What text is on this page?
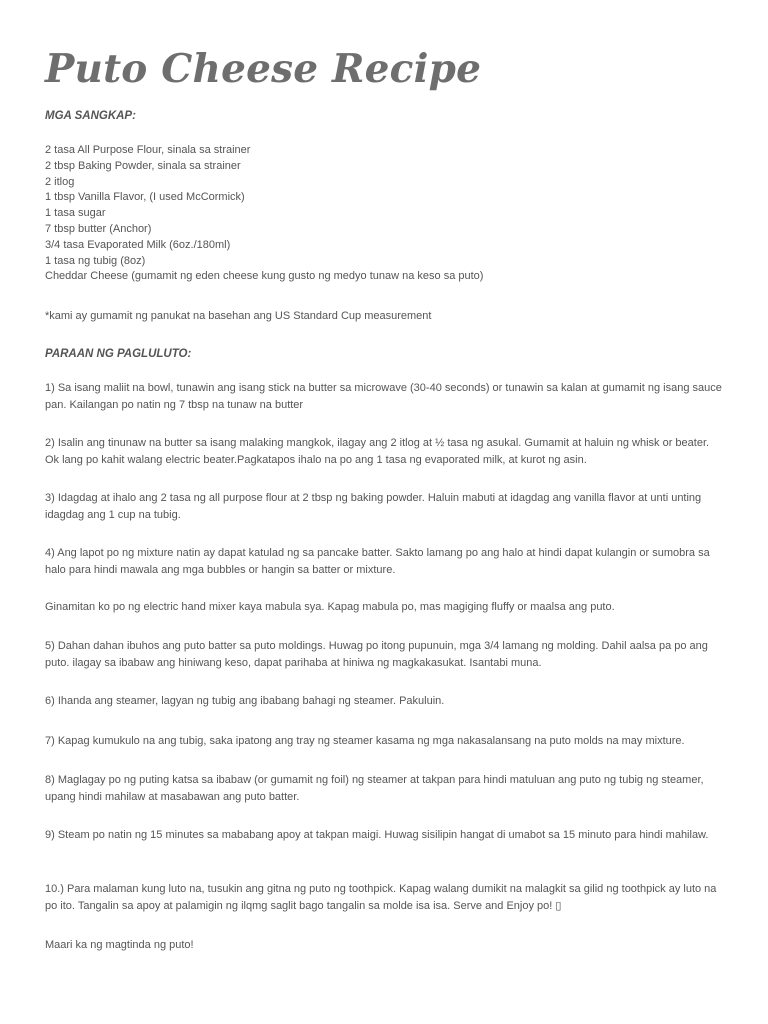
Puto Cheese Recipe

MGA SANGKAP:

2 tasa All Purpose Flour, sinala sa strainer
2 tbsp Baking Powder, sinala sa strainer
2 itlog
1 tbsp Vanilla Flavor, (I used McCormick)
1 tasa sugar
7 tbsp butter (Anchor)
3/4 tasa Evaporated Milk (6oz./180ml)
1 tasa ng tubig (8oz)
Cheddar Cheese (gumamit ng eden cheese kung gusto ng medyo tunaw na keso sa puto)

*kami ay gumamit ng panukat na basehan ang US Standard Cup measurement

PARAAN NG PAGLULUTO:

1) Sa isang maliit na bowl, tunawin ang isang stick na butter sa microwave (30-40 seconds) or tunawin sa kalan at gumamit ng isang sauce pan. Kailangan po natin ng 7 tbsp na tunaw na butter

2) Isalin ang tinunaw na butter sa isang malaking mangkok, ilagay ang 2 itlog at ½ tasa ng asukal. Gumamit at haluin ng whisk or beater. Ok lang po kahit walang electric beater.Pagkatapos ihalo na po ang 1 tasa ng evaporated milk, at kurot ng asin.

3) Idagdag at ihalo ang 2 tasa ng all purpose flour at 2 tbsp ng baking powder. Haluin mabuti at idagdag ang vanilla flavor at unti unting idagdag ang 1 cup na tubig.

4) Ang lapot po ng mixture natin ay dapat katulad ng sa pancake batter. Sakto lamang po ang halo at hindi dapat kulangin or sumobra sa halo para hindi mawala ang mga bubbles or hangin sa batter or mixture.

Ginamitan ko po ng electric hand mixer kaya mabula sya. Kapag mabula po, mas magiging fluffy or maalsa ang puto.

5) Dahan dahan ibuhos ang puto batter sa puto moldings. Huwag po itong pupunuin, mga 3/4 lamang ng molding. Dahil aalsa pa po ang puto. ilagay sa ibabaw ang hiniwang keso, dapat parihaba at hiniwa ng magkakasukat. Isantabi muna.

6) Ihanda ang steamer, lagyan ng tubig ang ibabang bahagi ng steamer. Pakuluin.

7) Kapag kumukulo na ang tubig, saka ipatong ang tray ng steamer kasama ng mga nakasalansang na puto molds na may mixture.

8) Maglagay po ng puting katsa sa ibabaw (or gumamit ng foil) ng steamer at takpan para hindi matuluan ang puto ng tubig ng steamer, upang hindi mahilaw at masabawan ang puto batter.

9) Steam po natin ng 15 minutes sa mababang apoy at takpan maigi. Huwag sisilipin hangat di umabot sa 15 minuto para hindi mahilaw.

10.) Para malaman kung luto na, tusukin ang gitna ng puto ng toothpick. Kapag walang dumikit na malagkit sa gilid ng toothpick ay luto na po ito. Tangalin sa apoy at palamigin ng ilqmg saglit bago tangalin sa molde isa isa. Serve and Enjoy po! ▯

Maari ka ng magtinda ng puto!
